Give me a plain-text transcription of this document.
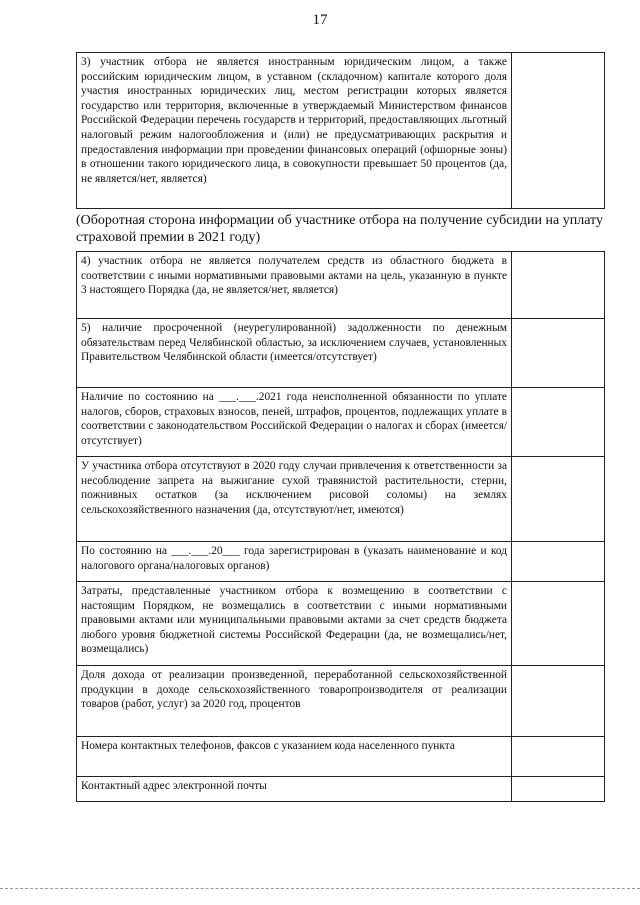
17
3) участник отбора не является иностранным юридическим лицом, а также российским юридическим лицом, в уставном (складочном) капитале которого доля участия иностранных юридических лиц, местом регистрации которых является государство или территория, включенные в утверждаемый Министерством финансов Российской Федерации перечень государств и территорий, предоставляющих льготный налоговый режим налогообложения и (или) не предусматривающих раскрытия и предоставления информации при проведении финансовых операций (офшорные зоны) в отношении такого юридического лица, в совокупности превышает 50 процентов (да, не является/нет, является)	
(Оборотная сторона информации об участнике отбора на получение субсидии на уплату страховой премии в 2021 году)
4) участник отбора не является получателем средств из областного бюджета в соответствии с иными нормативными правовыми актами на цель, указанную в пункте 3 настоящего Порядка (да, не является/нет, является)	
5) наличие просроченной (неурегулированной) задолженности по денежным обязательствам перед Челябинской областью, за исключением случаев, установленных Правительством Челябинской области (имеется/отсутствует)	
Наличие по состоянию на ___.___.2021 года неисполненной обязанности по уплате налогов, сборов, страховых взносов, пеней, штрафов, процентов, подлежащих уплате в соответствии с законодательством Российской Федерации о налогах и сборах (имеется/отсутствует)	
У участника отбора отсутствуют в 2020 году случаи привлечения к ответственности за несоблюдение запрета на выжигание сухой травянистой растительности, стерни, пожнивных остатков (за исключением рисовой соломы) на землях сельскохозяйственного назначения (да, отсутствуют/нет, имеются)	
По состоянию на ___.___.20___ года зарегистрирован в (указать наименование и код налогового органа/налоговых органов)	
Затраты, представленные участником отбора к возмещению в соответствии с настоящим Порядком, не возмещались в соответствии с иными нормативными правовыми актами или муниципальными правовыми актами за счет средств бюджета любого уровня бюджетной системы Российской Федерации (да, не возмещались/нет, возмещались)	
Доля дохода от реализации произведенной, переработанной сельскохозяйственной продукции в доходе сельскохозяйственного товаропроизводителя от реализации товаров (работ, услуг) за 2020 год, процентов	
Номера контактных телефонов, факсов с указанием кода населенного пункта	
Контактный адрес электронной почты	
